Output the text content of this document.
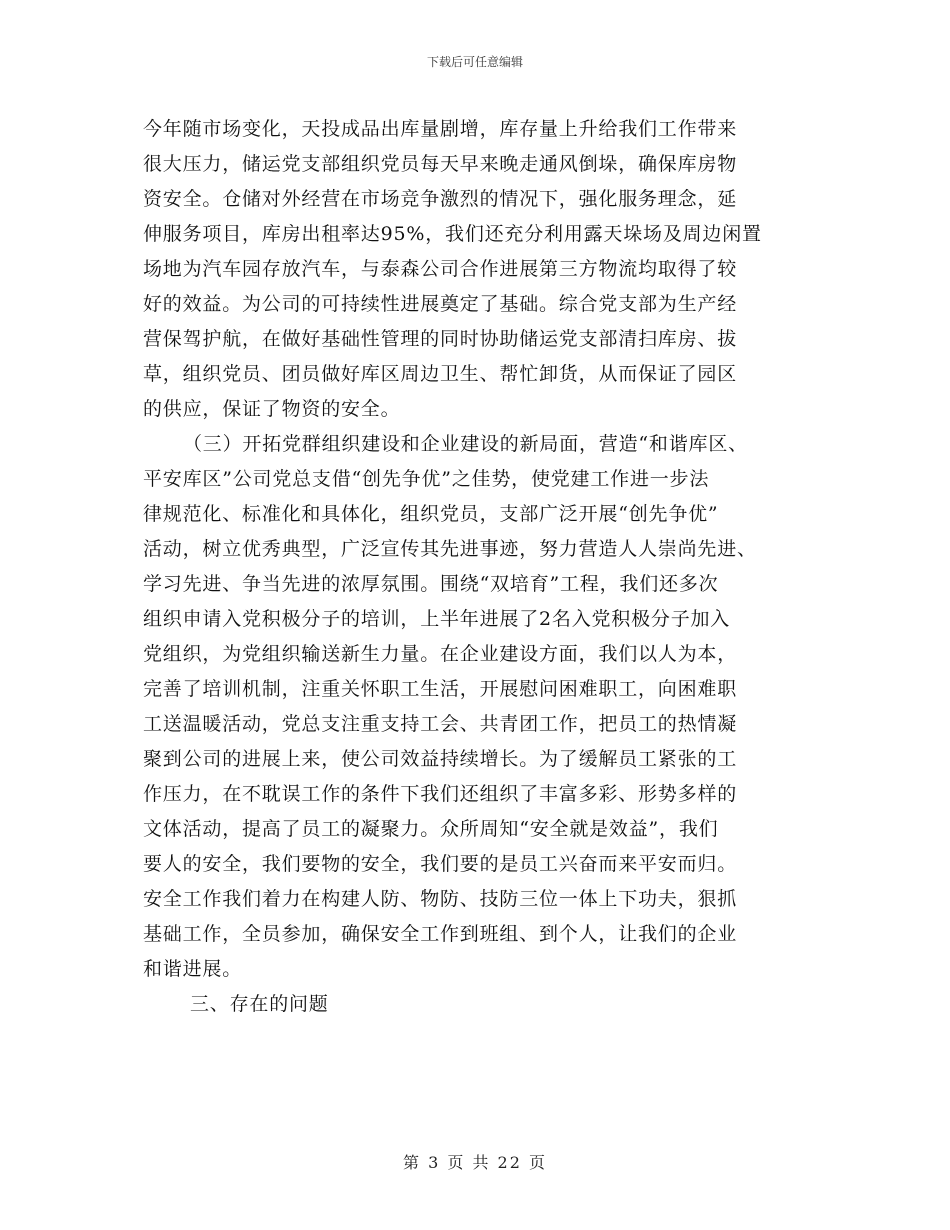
下载后可任意编辑
今年随市场变化，天投成品出库量剧增，库存量上升给我们工作带来
很大压力，储运党支部组织党员每天早来晚走通风倒垛，确保库房物
资安全。仓储对外经营在市场竞争激烈的情况下，强化服务理念，延
伸服务项目，库房出租率达95%，我们还充分利用露天垛场及周边闲置
场地为汽车园存放汽车，与泰森公司合作进展第三方物流均取得了较
好的效益。为公司的可持续性进展奠定了基础。综合党支部为生产经
营保驾护航，在做好基础性管理的同时协助储运党支部清扫库房、拔
草，组织党员、团员做好库区周边卫生、帮忙卸货，从而保证了园区
的供应，保证了物资的安全。
（三）开拓党群组织建设和企业建设的新局面，营造“和谐库区、
平安库区”公司党总支借“创先争优”之佳势，使党建工作进一步法
律规范化、标准化和具体化，组织党员，支部广泛开展“创先争优”
活动，树立优秀典型，广泛宣传其先进事迹，努力营造人人崇尚先进、
学习先进、争当先进的浓厚氛围。围绕“双培育”工程，我们还多次
组织申请入党积极分子的培训，上半年进展了2名入党积极分子加入
党组织，为党组织输送新生力量。在企业建设方面，我们以人为本，
完善了培训机制，注重关怀职工生活，开展慰问困难职工，向困难职
工送温暖活动，党总支注重支持工会、共青团工作，把员工的热情凝
聚到公司的进展上来，使公司效益持续增长。为了缓解员工紧张的工
作压力，在不耽误工作的条件下我们还组织了丰富多彩、形势多样的
文体活动，提高了员工的凝聚力。众所周知“安全就是效益”，我们
要人的安全，我们要物的安全，我们要的是员工兴奋而来平安而归。
安全工作我们着力在构建人防、物防、技防三位一体上下功夫，狠抓
基础工作，全员参加，确保安全工作到班组、到个人，让我们的企业
和谐进展。
三、存在的问题
第 3 页 共 22 页
